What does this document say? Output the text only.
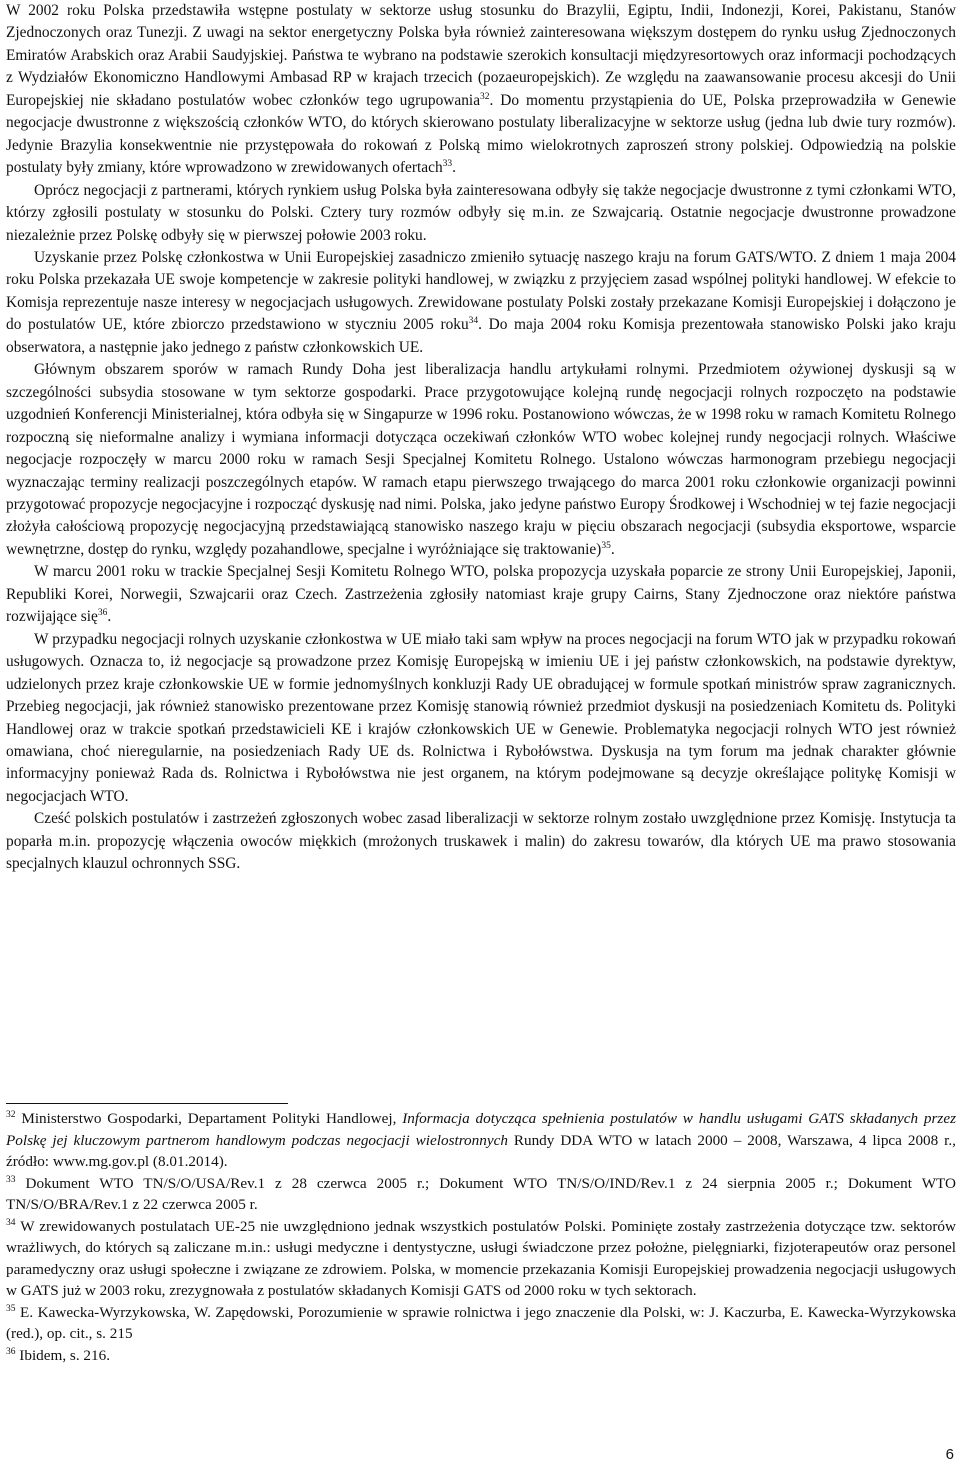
W 2002 roku Polska przedstawiła wstępne postulaty w sektorze usług stosunku do Brazylii, Egiptu, Indii, Indonezji, Korei, Pakistanu, Stanów Zjednoczonych oraz Tunezji. Z uwagi na sektor energetyczny Polska była również zainteresowana większym dostępem do rynku usług Zjednoczonych Emiratów Arabskich oraz Arabii Saudyjskiej. Państwa te wybrano na podstawie szerokich konsultacji międzyresortowych oraz informacji pochodzących z Wydziałów Ekonomiczno Handlowymi Ambasad RP w krajach trzecich (pozaeuropejskich). Ze względu na zaawansowanie procesu akcesji do Unii Europejskiej nie składano postulatów wobec członków tego ugrupowania$^{32}$. Do momentu przystąpienia do UE, Polska przeprowadziła w Genewie negocjacje dwustronne z większością członków WTO, do których skierowano postulaty liberalizacyjne w sektorze usług (jedna lub dwie tury rozmów). Jedynie Brazylia konsekwentnie nie przystępowała do rokowań z Polską mimo wielokrotnych zaproszeń strony polskiej. Odpowiedzią na polskie postulaty były zmiany, które wprowadzono w zrewidowanych ofertach$^{33}$.

Oprócz negocjacji z partnerami, których rynkiem usług Polska była zainteresowana odbyły się także negocjacje dwustronne z tymi członkami WTO, którzy zgłosili postulaty w stosunku do Polski. Cztery tury rozmów odbyły się m.in. ze Szwajcarią. Ostatnie negocjacje dwustronne prowadzone niezależnie przez Polskę odbyły się w pierwszej połowie 2003 roku.

Uzyskanie przez Polskę członkostwa w Unii Europejskiej zasadniczo zmieniło sytuację naszego kraju na forum GATS/WTO. Z dniem 1 maja 2004 roku Polska przekazała UE swoje kompetencje w zakresie polityki handlowej, w związku z przyjęciem zasad wspólnej polityki handlowej. W efekcie to Komisja reprezentuje nasze interesy w negocjacjach usługowych. Zrewidowane postulaty Polski zostały przekazane Komisji Europejskiej i dołączono je do postulatów UE, które zbiorczo przedstawiono w styczniu 2005 roku$^{34}$. Do maja 2004 roku Komisja prezentowała stanowisko Polski jako kraju obserwatora, a następnie jako jednego z państw członkowskich UE.

Głównym obszarem sporów w ramach Rundy Doha jest liberalizacja handlu artykułami rolnymi. Przedmiotem ożywionej dyskusji są w szczególności subsydia stosowane w tym sektorze gospodarki. Prace przygotowujące kolejną rundę negocjacji rolnych rozpoczęto na podstawie uzgodnień Konferencji Ministerialnej, która odbyła się w Singapurze w 1996 roku. Postanowiono wówczas, że w 1998 roku w ramach Komitetu Rolnego rozpoczną się nieformalne analizy i wymiana informacji dotycząca oczekiwań członków WTO wobec kolejnej rundy negocjacji rolnych. Właściwe negocjacje rozpoczęły w marcu 2000 roku w ramach Sesji Specjalnej Komitetu Rolnego. Ustalono wówczas harmonogram przebiegu negocjacji wyznaczając terminy realizacji poszczególnych etapów. W ramach etapu pierwszego trwającego do marca 2001 roku członkowie organizacji powinni przygotować propozycje negocjacyjne i rozpocząć dyskusję nad nimi. Polska, jako jedyne państwo Europy Środkowej i Wschodniej w tej fazie negocjacji złożyła całościową propozycję negocjacyjną przedstawiającą stanowisko naszego kraju w pięciu obszarach negocjacji (subsydia eksportowe, wsparcie wewnętrzne, dostęp do rynku, względy pozahandlowe, specjalne i wyróżniające się traktowanie)$^{35}$.

W marcu 2001 roku w trackie Specjalnej Sesji Komitetu Rolnego WTO, polska propozycja uzyskała poparcie ze strony Unii Europejskiej, Japonii, Republiki Korei, Norwegii, Szwajcarii oraz Czech. Zastrzeżenia zgłosiły natomiast kraje grupy Cairns, Stany Zjednoczone oraz niektóre państwa rozwijające się$^{36}$.

W przypadku negocjacji rolnych uzyskanie członkostwa w UE miało taki sam wpływ na proces negocjacji na forum WTO jak w przypadku rokowań usługowych. Oznacza to, iż negocjacje są prowadzone przez Komisję Europejską w imieniu UE i jej państw członkowskich, na podstawie dyrektyw, udzielonych przez kraje członkowskie UE w formie jednomyślnych konkluzji Rady UE obradującej w formule spotkań ministrów spraw zagranicznych. Przebieg negocjacji, jak również stanowisko prezentowane przez Komisję stanowią również przedmiot dyskusji na posiedzeniach Komitetu ds. Polityki Handlowej oraz w trakcie spotkań przedstawicieli KE i krajów członkowskich UE w Genewie. Problematyka negocjacji rolnych WTO jest również omawiana, choć nieregularnie, na posiedzeniach Rady UE ds. Rolnictwa i Rybołówstwa. Dyskusja na tym forum ma jednak charakter głównie informacyjny ponieważ Rada ds. Rolnictwa i Rybołówstwa nie jest organem, na którym podejmowane są decyzje określające politykę Komisji w negocjacjach WTO.

Cześć polskich postulatów i zastrzeżeń zgłoszonych wobec zasad liberalizacji w sektorze rolnym zostało uwzględnione przez Komisję. Instytucja ta poparła m.in. propozycję włączenia owoców miękkich (mrożonych truskawek i malin) do zakresu towarów, dla których UE ma prawo stosowania specjalnych klauzul ochronnych SSG.

$^{32}$ Ministerstwo Gospodarki, Departament Polityki Handlowej, Informacja dotycząca spełnienia postulatów w handlu usługami GATS składanych przez Polskę jej kluczowym partnerom handlowym podczas negocjacji wielostronnych Rundy DDA WTO w latach 2000 – 2008, Warszawa, 4 lipca 2008 r., źródło: www.mg.gov.pl (8.01.2014).

$^{33}$ Dokument WTO TN/S/O/USA/Rev.1 z 28 czerwca 2005 r.; Dokument WTO TN/S/O/IND/Rev.1 z 24 sierpnia 2005 r.; Dokument WTO TN/S/O/BRA/Rev.1 z 22 czerwca 2005 r.

$^{34}$ W zrewidowanych postulatach UE-25 nie uwzględniono jednak wszystkich postulatów Polski. Pominięte zostały zastrzeżenia dotyczące tzw. sektorów wrażliwych, do których są zaliczane m.in.: usługi medyczne i dentystyczne, usługi świadczone przez położne, pielęgniarki, fizjoterapeutów oraz personel paramedyczny oraz usługi społeczne i związane ze zdrowiem. Polska, w momencie przekazania Komisji Europejskiej prowadzenia negocjacji usługowych w GATS już w 2003 roku, zrezygnowała z postulatów składanych Komisji GATS od 2000 roku w tych sektorach.

$^{35}$ E. Kawecka-Wyrzykowska, W. Zapędowski, Porozumienie w sprawie rolnictwa i jego znaczenie dla Polski, w: J. Kaczurba, E. Kawecka-Wyrzykowska (red.), op. cit., s. 215

$^{36}$ Ibidem, s. 216.

6
